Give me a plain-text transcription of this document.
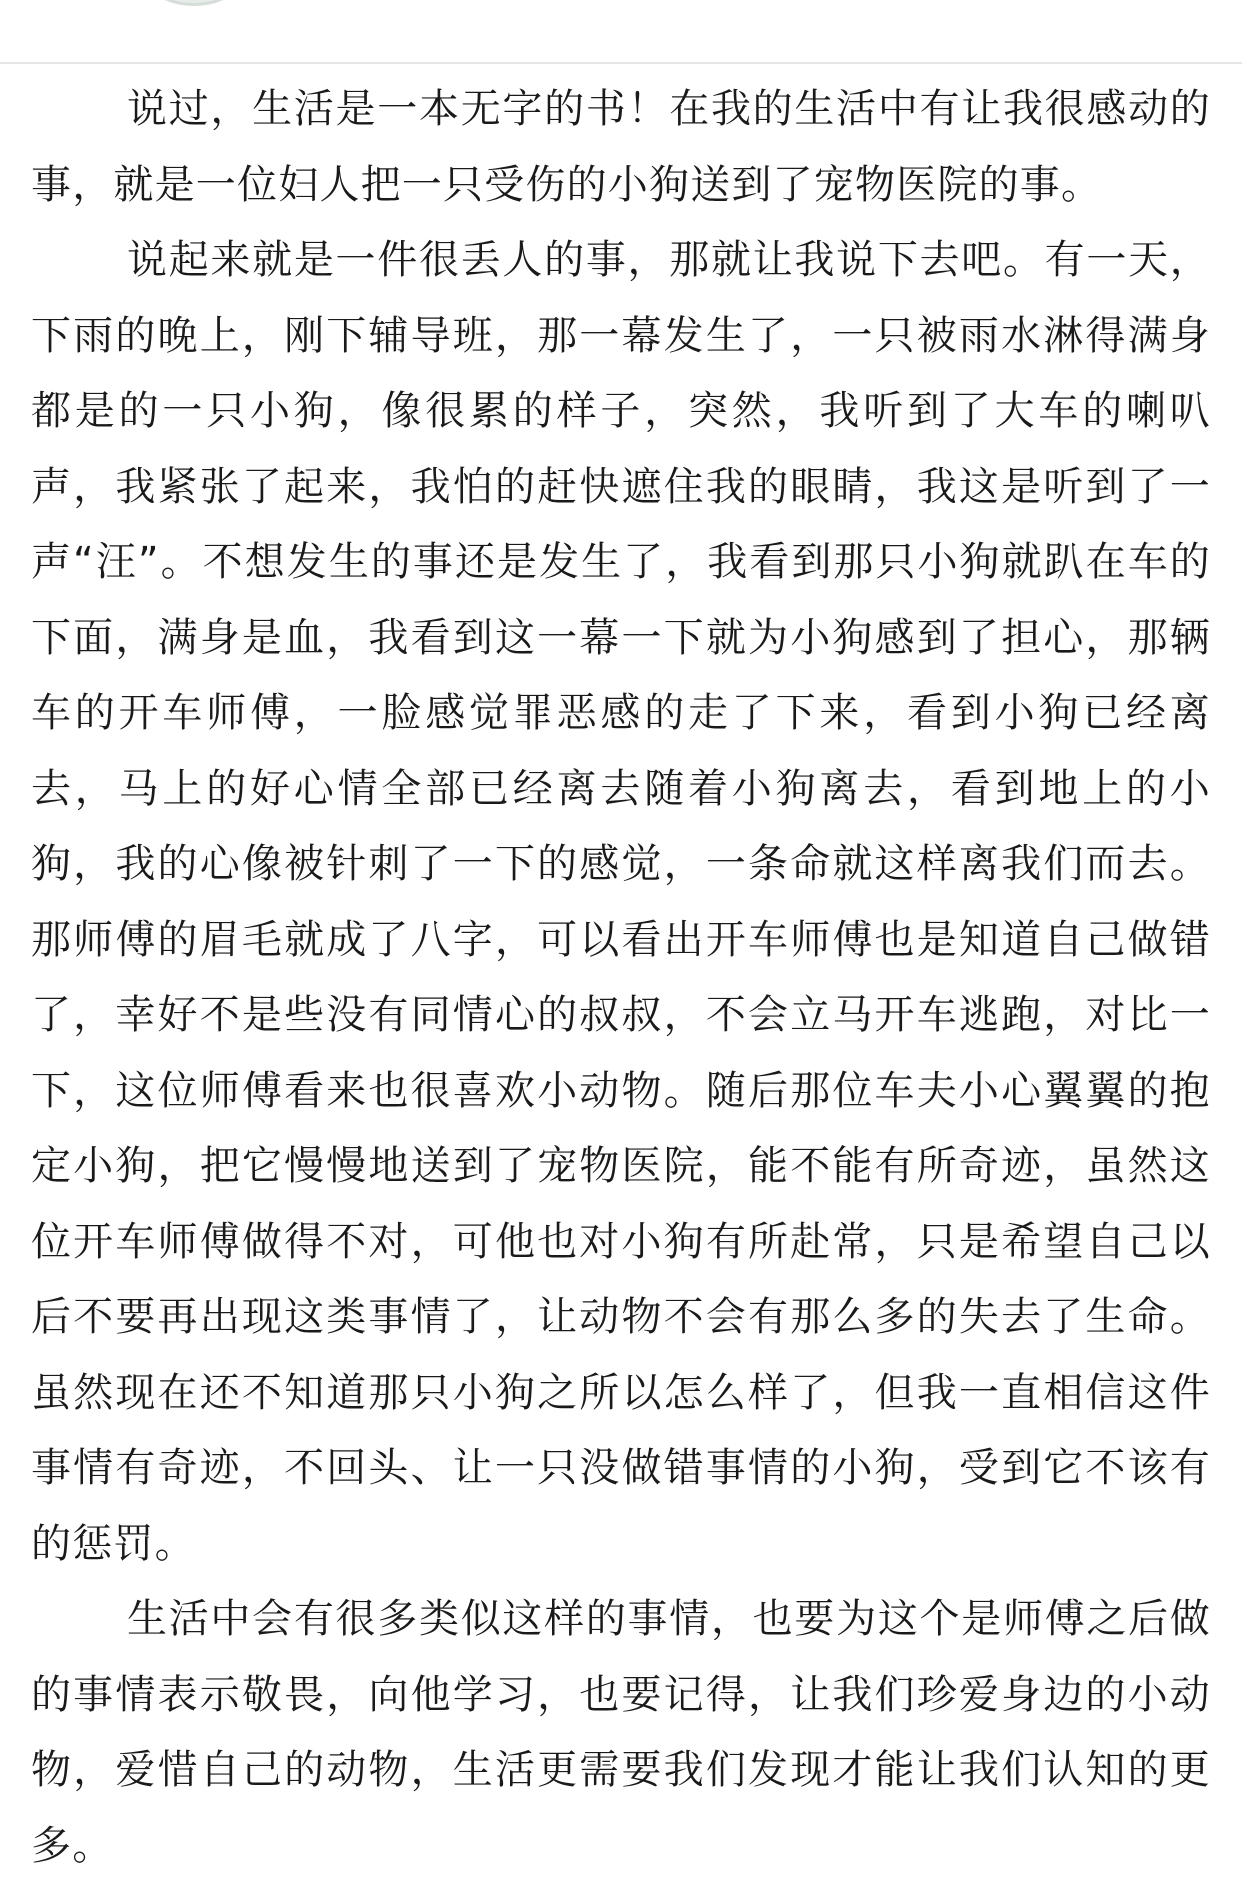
说过，生活是一本无字的书！在我的生活中有让我很感动的事，就是一位妇人把一只受伤的小狗送到了宠物医院的事。

说起来就是一件很丢人的事，那就让我说下去吧。有一天，下雨的晚上，刚下辅导班，那一幕发生了，一只被雨水淋得满身都是的一只小狗，像很累的样子，突然，我听到了大车的喇叭声，我紧张了起来，我怕的赶快遮住我的眼睛，我这是听到了一声“汪”。不想发生的事还是发生了，我看到那只小狗就趴在车的下面，满身是血，我看到这一幕一下就为小狗感到了担心，那辆车的开车师傅，一脸感觉罪恶感的走了下来，看到小狗已经离去，马上的好心情全部已经离去随着小狗离去，看到地上的小狗，我的心像被针刺了一下的感觉，一条命就这样离我们而去。那师傅的眉毛就成了八字，可以看出开车师傅也是知道自己做错了，幸好不是些没有同情心的叔叔，不会立马开车逃跑，对比一下，这位师傅看来也很喜欢小动物。随后那位车夫小心翼翼的抱定小狗，把它慢慢地送到了宠物医院，能不能有所奇迹，虽然这位开车师傅做得不对，可他也对小狗有所赴常，只是希望自己以后不要再出现这类事情了，让动物不会有那么多的失去了生命。虽然现在还不知道那只小狗之所以怎么样了，但我一直相信这件事情有奇迹，不回头、让一只没做错事情的小狗，受到它不该有的惩罚。

生活中会有很多类似这样的事情，也要为这个是师傅之后做的事情表示敬畏，向他学习，也要记得，让我们珍爱身边的小动物，爱惜自己的动物，生活更需要我们发现才能让我们认知的更多。
